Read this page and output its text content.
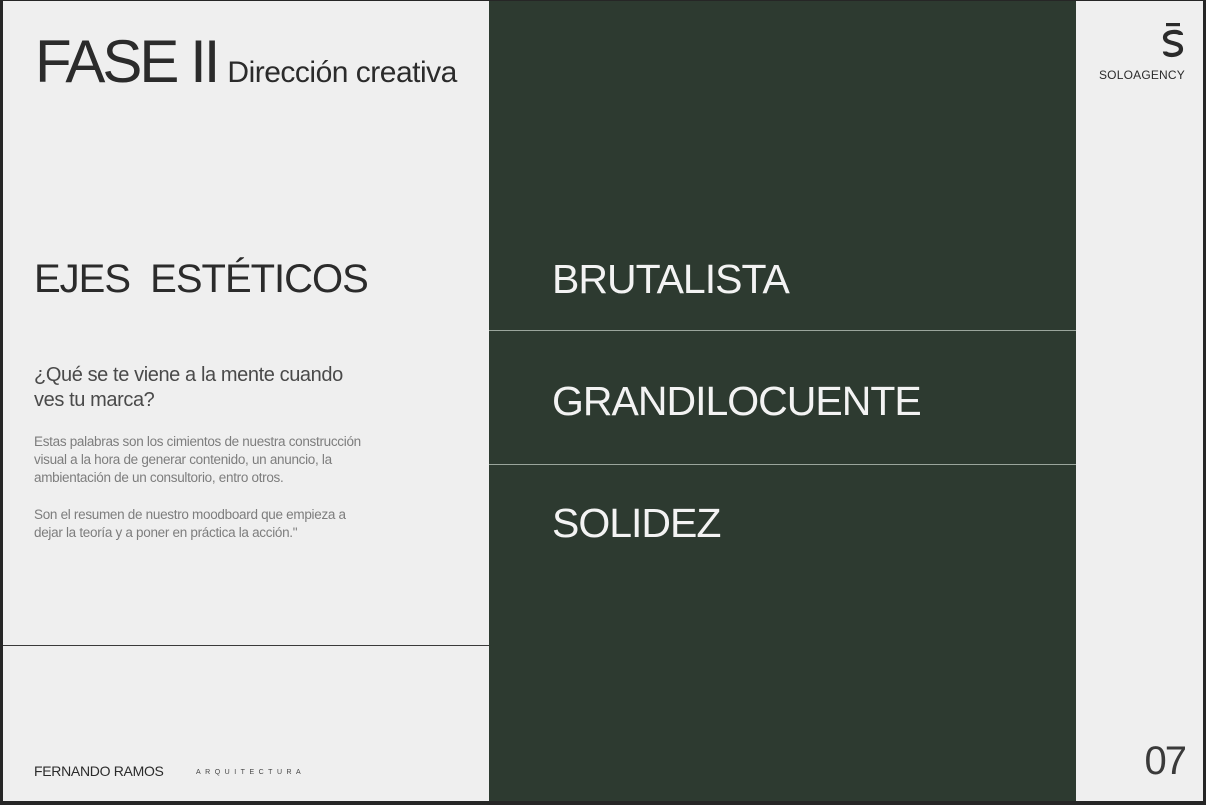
FASE II Dirección creativa
EJES ESTÉTICOS
¿Qué se te viene a la mente cuando ves tu marca?
Estas palabras son los cimientos de nuestra construcción visual a la hora de generar contenido, un anuncio, la ambientación de un consultorio, entro otros.
Son el resumen de nuestro moodboard que empieza a dejar la teoría y a poner en práctica la acción."
FERNANDO RAMOS	ARQUITECTURA
BRUTALISTA
GRANDILOCUENTE
SOLIDEZ
SOLOAGENCY
07
